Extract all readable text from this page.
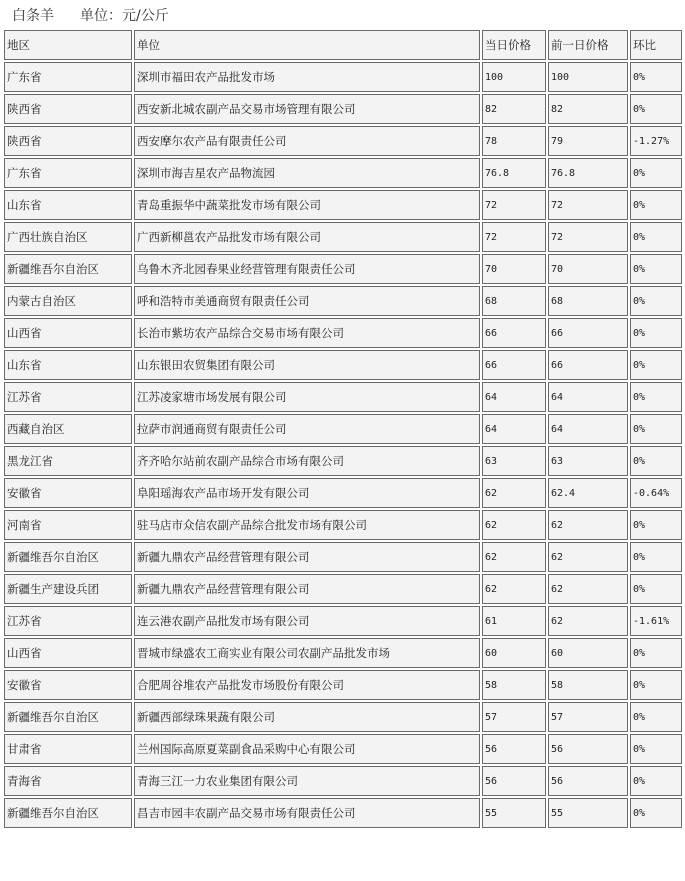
白条羊 单位：元/公斤
地区	单位	当日价格	前一日价格	环比
广东省	深圳市福田农产品批发市场	100	100	0%
陕西省	西安新北城农副产品交易市场管理有限公司	82	82	0%
陕西省	西安摩尔农产品有限责任公司	78	79	-1.27%
广东省	深圳市海吉星农产品物流园	76.8	76.8	0%
山东省	青岛重振华中蔬菜批发市场有限公司	72	72	0%
广西壮族自治区	广西新柳邕农产品批发市场有限公司	72	72	0%
新疆维吾尔自治区	乌鲁木齐北园春果业经营管理有限责任公司	70	70	0%
内蒙古自治区	呼和浩特市美通商贸有限责任公司	68	68	0%
山西省	长治市紫坊农产品综合交易市场有限公司	66	66	0%
山东省	山东银田农贸集团有限公司	66	66	0%
江苏省	江苏凌家塘市场发展有限公司	64	64	0%
西藏自治区	拉萨市润通商贸有限责任公司	64	64	0%
黑龙江省	齐齐哈尔站前农副产品综合市场有限公司	63	63	0%
安徽省	阜阳瑶海农产品市场开发有限公司	62	62.4	-0.64%
河南省	驻马店市众信农副产品综合批发市场有限公司	62	62	0%
新疆维吾尔自治区	新疆九鼎农产品经营管理有限公司	62	62	0%
新疆生产建设兵团	新疆九鼎农产品经营管理有限公司	62	62	0%
江苏省	连云港农副产品批发市场有限公司	61	62	-1.61%
山西省	晋城市绿盛农工商实业有限公司农副产品批发市场	60	60	0%
安徽省	合肥周谷堆农产品批发市场股份有限公司	58	58	0%
新疆维吾尔自治区	新疆西部绿珠果蔬有限公司	57	57	0%
甘肃省	兰州国际高原夏菜副食品采购中心有限公司	56	56	0%
青海省	青海三江一力农业集团有限公司	56	56	0%
新疆维吾尔自治区	昌吉市园丰农副产品交易市场有限责任公司	55	55	0%
